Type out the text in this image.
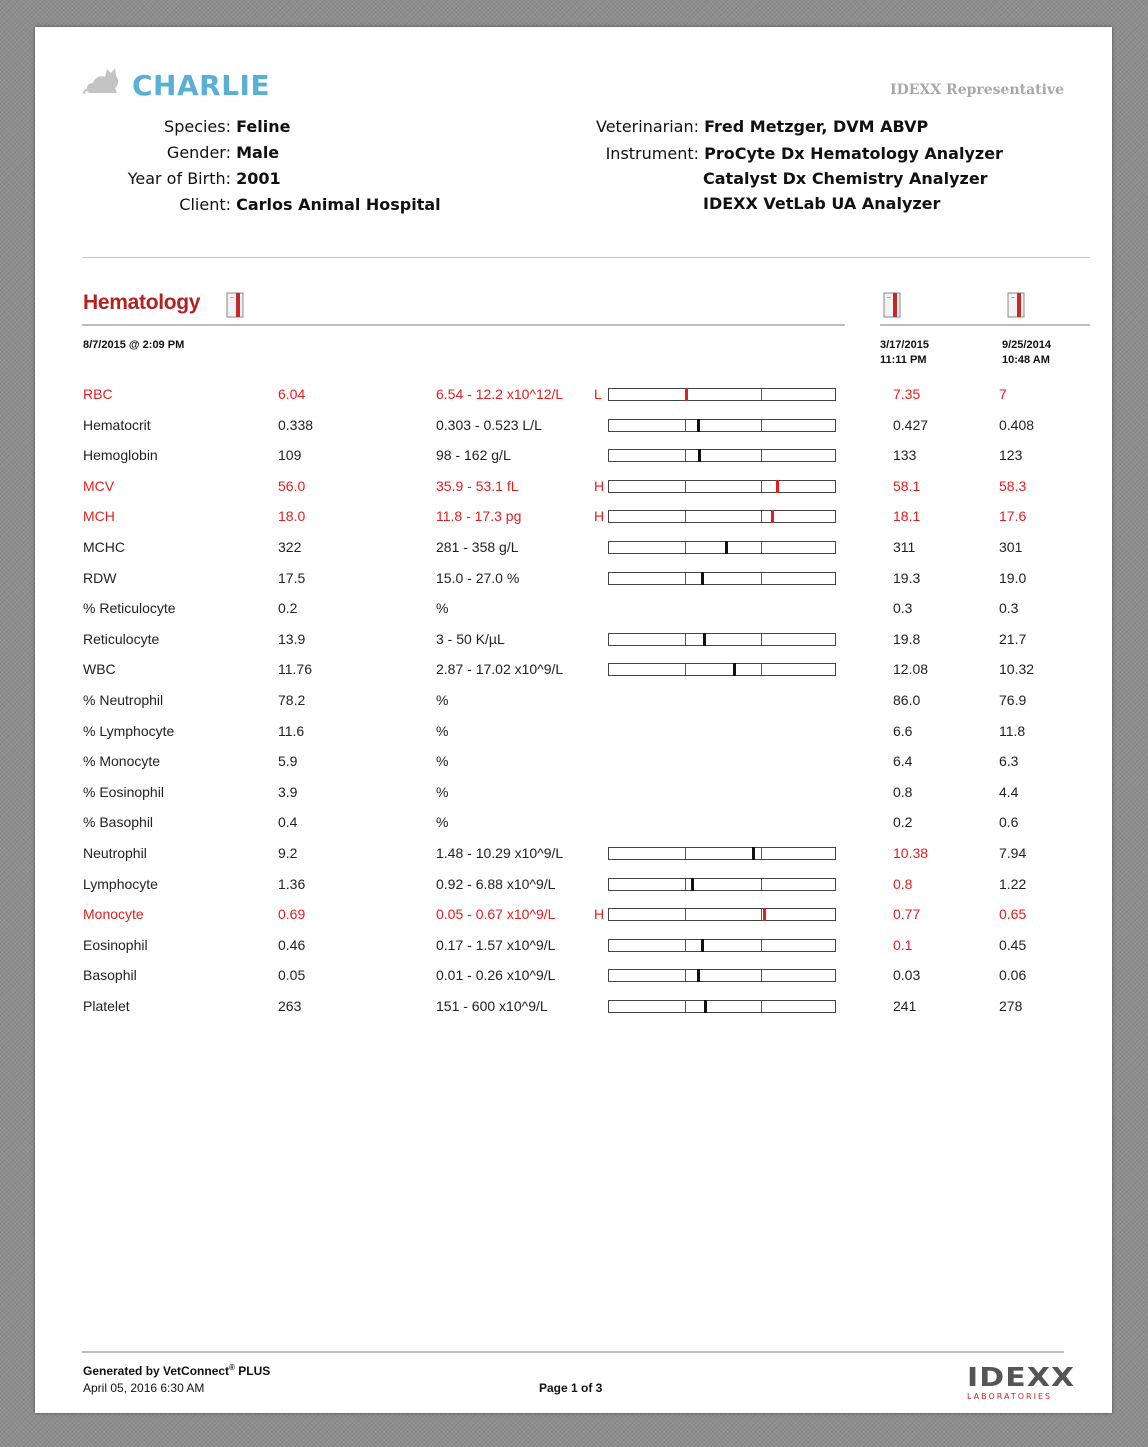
CHARLIE	IDEXX Representative
Species: Feline
Gender: Male
Year of Birth: 2001
Client: Carlos Animal Hospital
Veterinarian: Fred Metzger, DVM ABVP
Instrument: ProCyte Dx Hematology Analyzer
Catalyst Dx Chemistry Analyzer
IDEXX VetLab UA Analyzer
Hematology
8/7/2015 @ 2:09 PM	3/17/2015
11:11 PM
9/25/2014
10:48 AM
RBC	6.04	6.54 - 12.2 x10^12/L L	7.35	7
Hematocrit	0.338	0.303 - 0.523 L/L	0.427	0.408
Hemoglobin	109	98 - 162 g/L	133	123
MCV	56.0	35.9 - 53.1 fL	H	58.1	58.3
MCH	18.0	11.8 - 17.3 pg	H	18.1	17.6
MCHC	322	281 - 358 g/L	311	301
RDW	17.5	15.0 - 27.0 %	19.3	19.0
% Reticulocyte	0.2	%	0.3	0.3
Reticulocyte	13.9	3 - 50 K/µL	19.8	21.7
WBC	11.76	2.87 - 17.02 x10^9/L	12.08	10.32
% Neutrophil	78.2	%	86.0	76.9
% Lymphocyte	11.6	%	6.6	11.8
% Monocyte	5.9	%	6.4	6.3
% Eosinophil	3.9	%	0.8	4.4
% Basophil	0.4	%	0.2	0.6
Neutrophil	9.2	1.48 - 10.29 x10^9/L	10.38	7.94
Lymphocyte	1.36	0.92 - 6.88 x10^9/L	0.8	1.22
Monocyte	0.69	0.05 - 0.67 x10^9/L	H	0.77	0.65
Eosinophil	0.46	0.17 - 1.57 x10^9/L	0.1	0.45
Basophil	0.05	0.01 - 0.26 x10^9/L	0.03	0.06
Platelet	263	151 - 600 x10^9/L	241	278
Generated by VetConnect® PLUS
April 05, 2016 6:30 AM	Page 1 of 3	IDEXX
LABORATORIES
